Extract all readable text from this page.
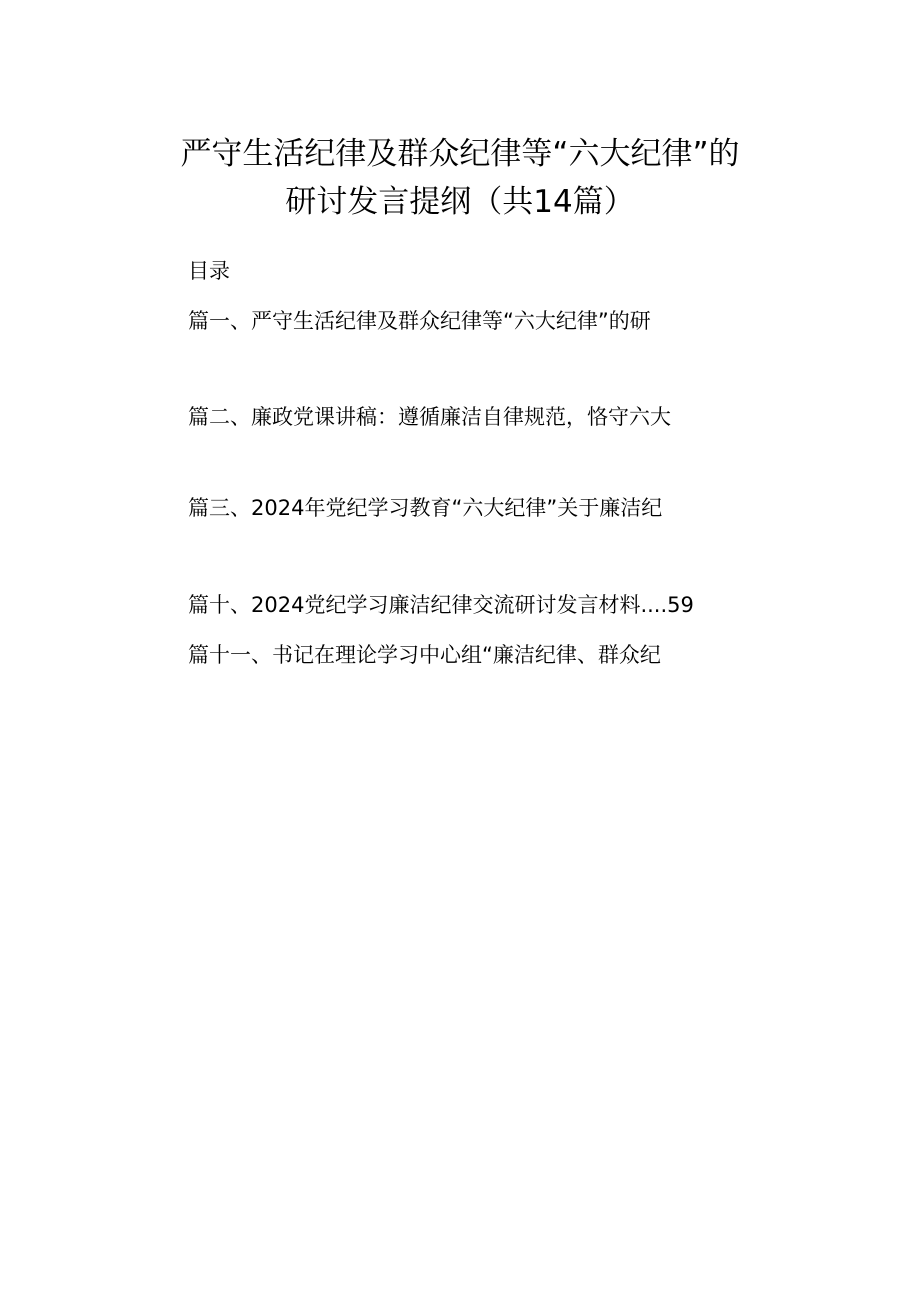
严守生活纪律及群众纪律等“六大纪律”的
研讨发言提纲（共14篇）
目录
篇一、严守生活纪律及群众纪律等“六大纪律”的研
篇二、廉政党课讲稿：遵循廉洁自律规范，恪守六大
篇三、2024年党纪学习教育“六大纪律”关于廉洁纪
篇十、2024党纪学习廉洁纪律交流研讨发言材料....59
篇十一、书记在理论学习中心组“廉洁纪律、群众纪
